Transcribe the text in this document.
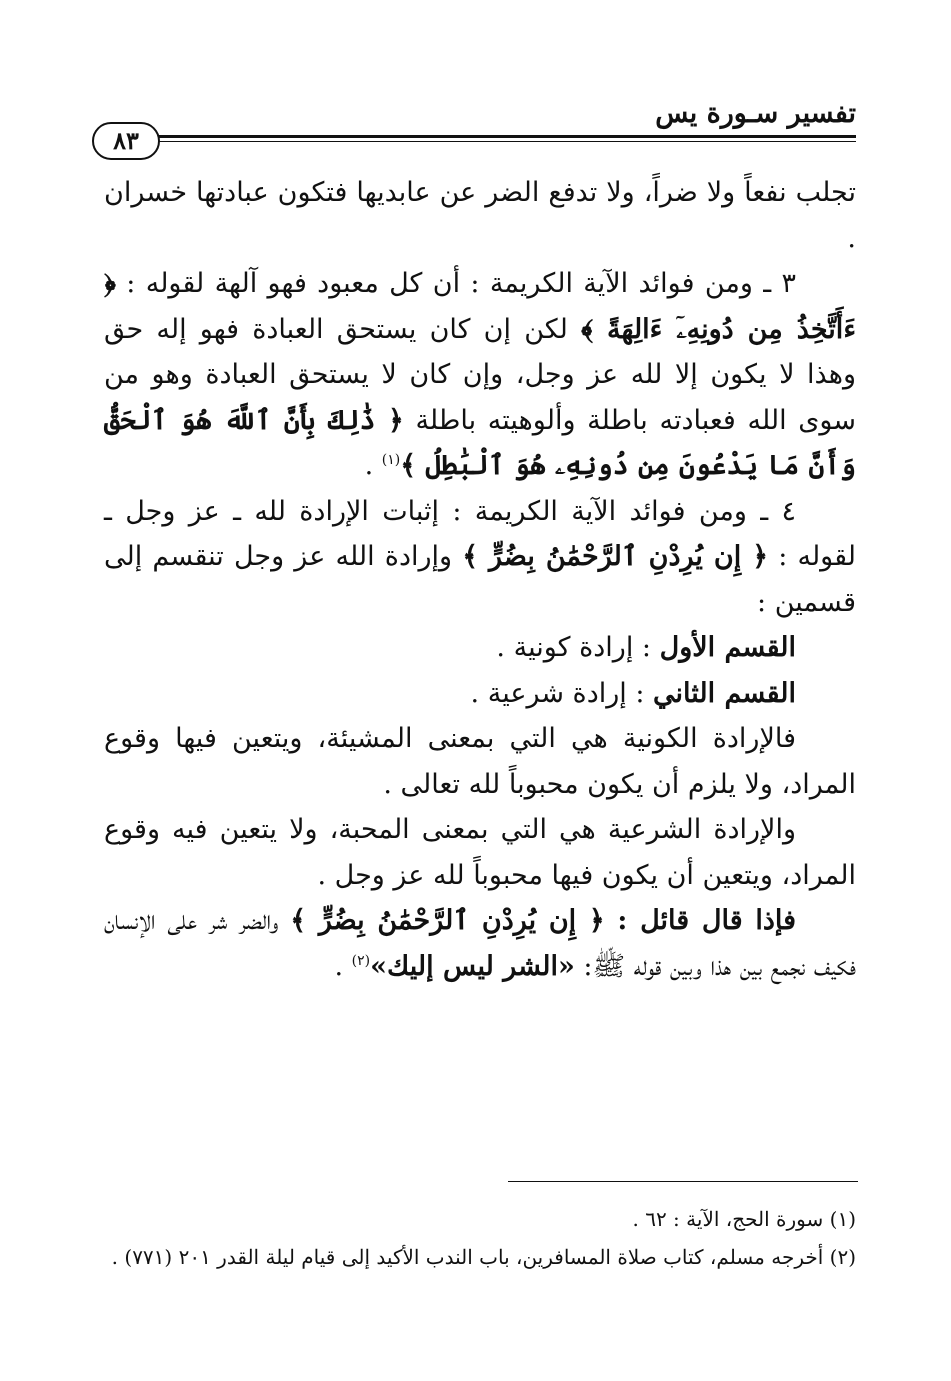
تفسير سـورة يس
٨٣

تجلب نفعاً ولا ضراً، ولا تدفع الضر عن عابديها فتكون عبادتها خسران .

٣ ـ ومن فوائد الآية الكريمة : أن كل معبود فهو آلهة لقوله : ﴿ ءَأَتَّخِذُ مِن دُونِهِۦٓ ءَالِهَةً ﴾ لكن إن كان يستحق العبادة فهو إله حق وهذا لا يكون إلا لله عز وجل، وإن كان لا يستحق العبادة وهو من سوى الله فعبادته باطلة وألوهيته باطلة ﴿ ذَٰلِكَ بِأَنَّ ٱللَّهَ هُوَ ٱلْحَقُّ وَأَنَّ مَا يَدْعُونَ مِن دُونِهِۦ هُوَ ٱلْبَٰطِلُ ﴾$^{(١)}$ .

٤ ـ ومن فوائد الآية الكريمة : إثبات الإرادة لله ـ عز وجل ـ لقوله : ﴿ إِن يُرِدْنِ ٱلرَّحْمَٰنُ بِضُرٍّ ﴾ وإرادة الله عز وجل تنقسم إلى قسمين :

القسم الأول : إرادة كونية .

القسم الثاني : إرادة شرعية .

فالإرادة الكونية هي التي بمعنى المشيئة، ويتعين فيها وقوع المراد، ولا يلزم أن يكون محبوباً لله تعالى .

والإرادة الشرعية هي التي بمعنى المحبة، ولا يتعين فيه وقوع المراد، ويتعين أن يكون فيها محبوباً لله عز وجل .

فإذا قال قائل : ﴿ إِن يُرِدْنِ ٱلرَّحْمَٰنُ بِضُرٍّ ﴾ والضر شر على الإنسان فكيف نجمع بين هذا وبين قوله ﷺ: «الشر ليس إليك»$^{(٢)}$ .

(١) سورة الحج، الآية : ٦٢ .

(٢) أخرجه مسلم، كتاب صلاة المسافرين، باب الندب الأكيد إلى قيام ليلة القدر ٢٠١ (٧٧١) .
